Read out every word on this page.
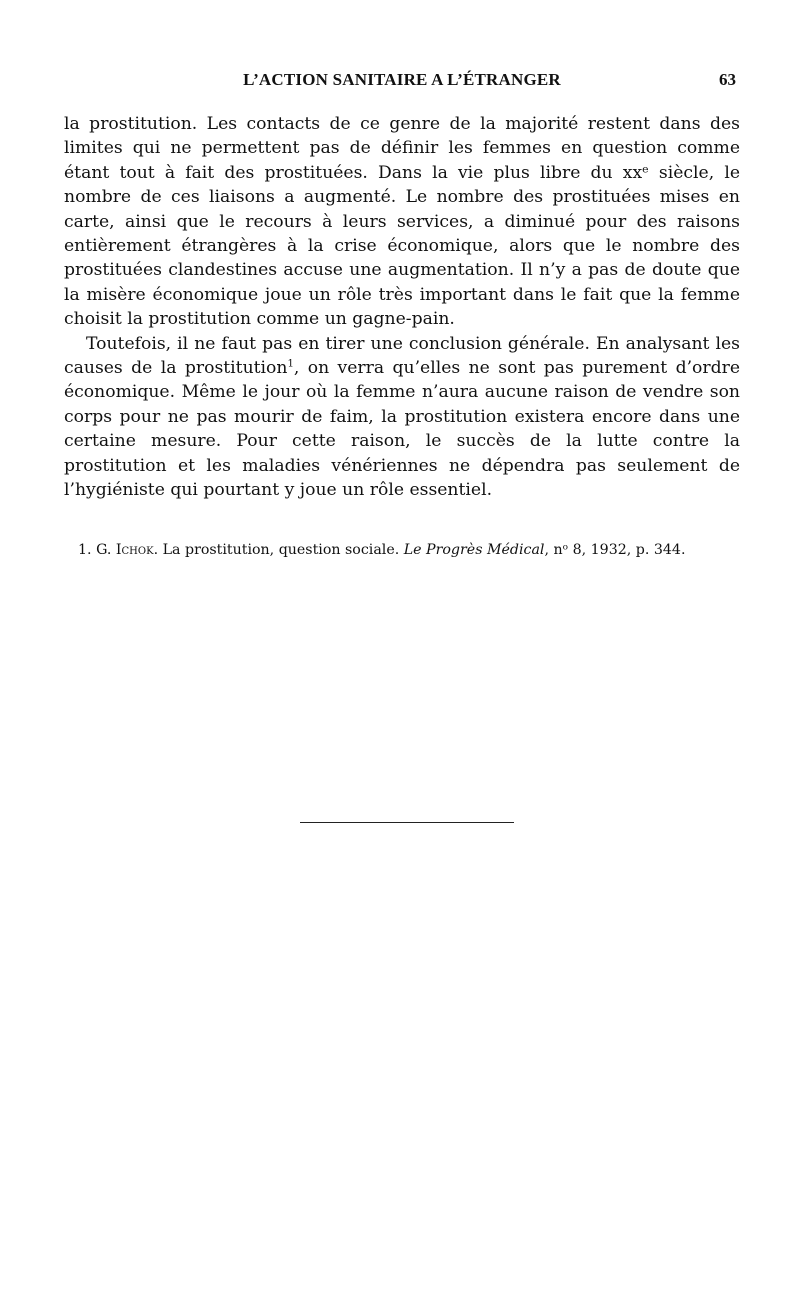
L’ACTION SANITAIRE A L’ÉTRANGER	63

la prostitution. Les contacts de ce genre de la majorité restent dans des limites qui ne permettent pas de définir les femmes en question comme étant tout à fait des prostituées. Dans la vie plus libre du xxᵉ siècle, le nombre de ces liaisons a augmenté. Le nombre des prostituées mises en carte, ainsi que le recours à leurs services, a diminué pour des raisons entièrement étrangères à la crise économique, alors que le nombre des prostituées clandestines accuse une augmentation. Il n’y a pas de doute que la misère économique joue un rôle très important dans le fait que la femme choisit la prostitution comme un gagne-pain.

Toutefois, il ne faut pas en tirer une conclusion générale. En analysant les causes de la prostitution$^1$, on verra qu’elles ne sont pas purement d’ordre économique. Même le jour où la femme n’aura aucune raison de vendre son corps pour ne pas mourir de faim, la prostitution existera encore dans une certaine mesure. Pour cette raison, le succès de la lutte contre la prostitution et les maladies vénériennes ne dépendra pas seulement de l’hygiéniste qui pourtant y joue un rôle essentiel.

1. G. Ichok. La prostitution, question sociale. Le Progrès Médical, nᵒ 8, 1932, p. 344.
